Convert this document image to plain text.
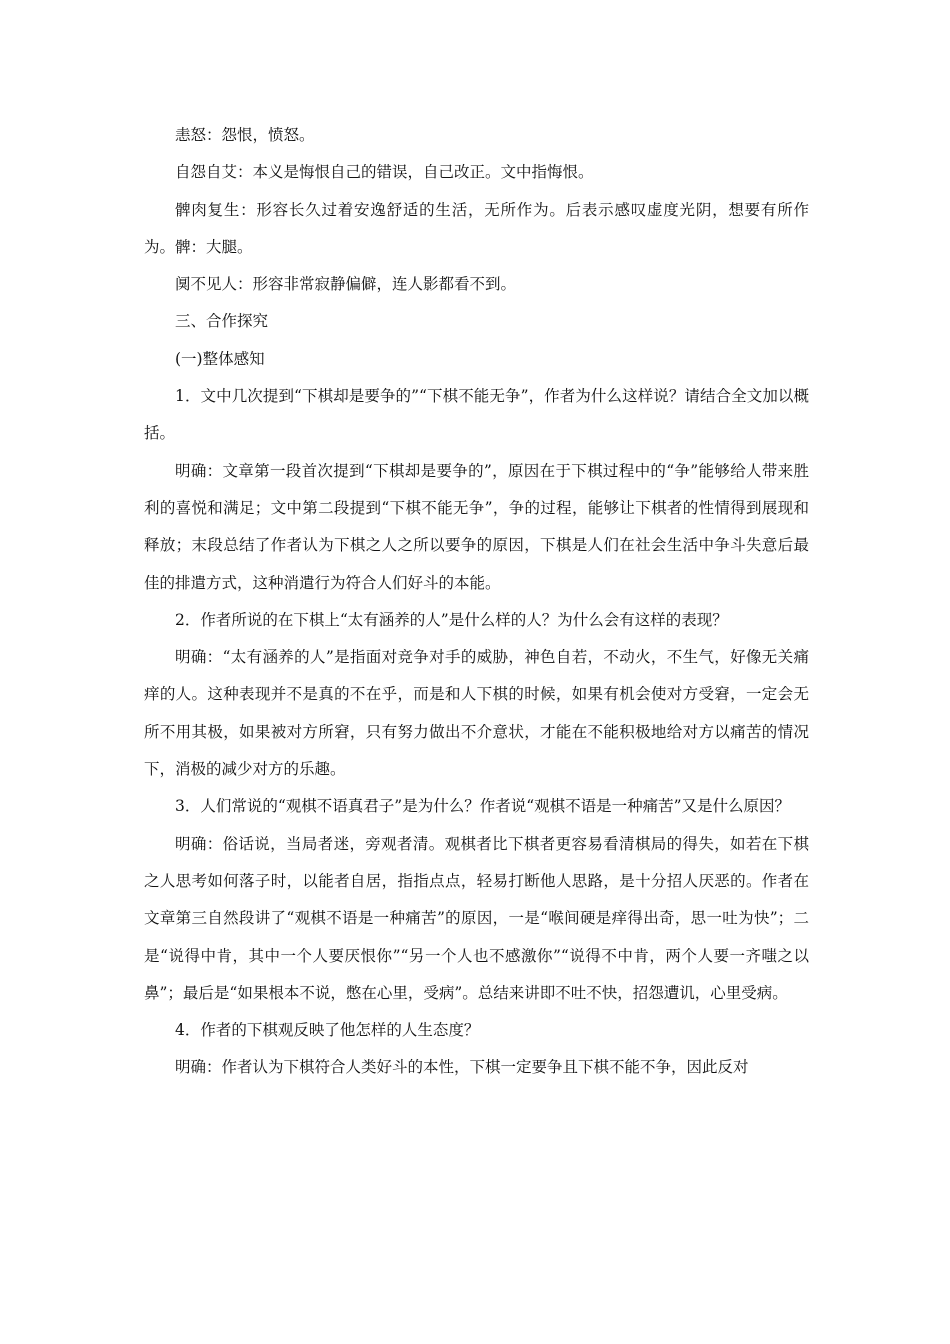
恚怒：怨恨，愤怒。

自怨自艾：本义是悔恨自己的错误，自己改正。文中指悔恨。

髀肉复生：形容长久过着安逸舒适的生活，无所作为。后表示感叹虚度光阴，想要有所作为。髀：大腿。

阒不见人：形容非常寂静偏僻，连人影都看不到。

三、合作探究

(一)整体感知

1．文中几次提到“下棋却是要争的”“下棋不能无争”，作者为什么这样说？请结合全文加以概括。

明确：文章第一段首次提到“下棋却是要争的”，原因在于下棋过程中的“争”能够给人带来胜利的喜悦和满足；文中第二段提到“下棋不能无争”，争的过程，能够让下棋者的性情得到展现和释放；末段总结了作者认为下棋之人之所以要争的原因，下棋是人们在社会生活中争斗失意后最佳的排遣方式，这种消遣行为符合人们好斗的本能。

2．作者所说的在下棋上“太有涵养的人”是什么样的人？为什么会有这样的表现？

明确：“太有涵养的人”是指面对竞争对手的威胁，神色自若，不动火，不生气，好像无关痛痒的人。这种表现并不是真的不在乎，而是和人下棋的时候，如果有机会使对方受窘，一定会无所不用其极，如果被对方所窘，只有努力做出不介意状，才能在不能积极地给对方以痛苦的情况下，消极的减少对方的乐趣。

3．人们常说的“观棋不语真君子”是为什么？作者说“观棋不语是一种痛苦”又是什么原因？

明确：俗话说，当局者迷，旁观者清。观棋者比下棋者更容易看清棋局的得失，如若在下棋之人思考如何落子时，以能者自居，指指点点，轻易打断他人思路，是十分招人厌恶的。作者在文章第三自然段讲了“观棋不语是一种痛苦”的原因，一是“喉间硬是痒得出奇，思一吐为快”；二是“说得中肯，其中一个人要厌恨你”“另一个人也不感激你”“说得不中肯，两个人要一齐嗤之以鼻”；最后是“如果根本不说，憋在心里，受病”。总结来讲即不吐不快，招怨遭讥，心里受病。

4．作者的下棋观反映了他怎样的人生态度？

明确：作者认为下棋符合人类好斗的本性，下棋一定要争且下棋不能不争，因此反对
